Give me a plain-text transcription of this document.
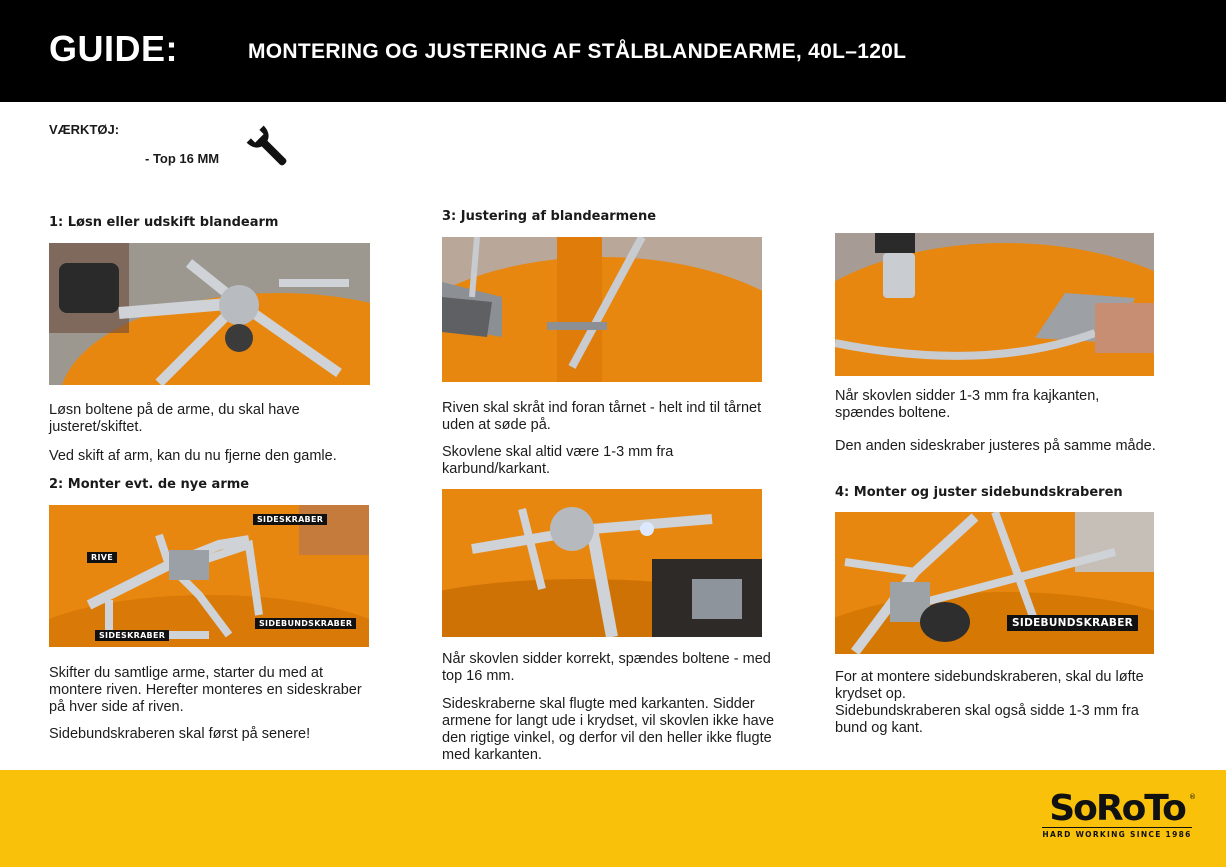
GUIDE:	MONTERING OG JUSTERING AF STÅLBLANDEARME, 40L–120L
VÆRKTØJ:
- Top 16 MM
1: Løsn eller udskift blandearm
Løsn boltene på de arme, du skal have justeret/skiftet.
Ved skift af arm, kan du nu fjerne den gamle.
2: Monter evt. de nye arme
SIDESKRABER
RIVE
SIDEBUNDSKRABER
SIDESKRABER
Skifter du samtlige arme, starter du med at montere riven. Herefter monteres en sideskraber på hver side af riven.
Sidebundskraberen skal først på senere!
3: Justering af blandearmene
Riven skal skråt ind foran tårnet - helt ind til tårnet uden at søde på.
Skovlene skal altid være 1-3 mm fra karbund/karkant.
Når skovlen sidder korrekt, spændes boltene - med top 16 mm.
Sideskraberne skal flugte med karkanten. Sidder armene for langt ude i krydset, vil skovlen ikke have den rigtige vinkel, og derfor vil den heller ikke flugte med karkanten.
Når skovlen sidder 1-3 mm fra kajkanten, spændes boltene.
Den anden sideskraber justeres på samme måde.
4: Monter og juster sidebundskraberen
SIDEBUNDSKRABER
For at montere sidebundskraberen, skal du løfte krydset op.
Sidebundskraberen skal også sidde 1-3 mm fra bund og kant.
SoRoTo ®
HARD WORKING SINCE 1986
